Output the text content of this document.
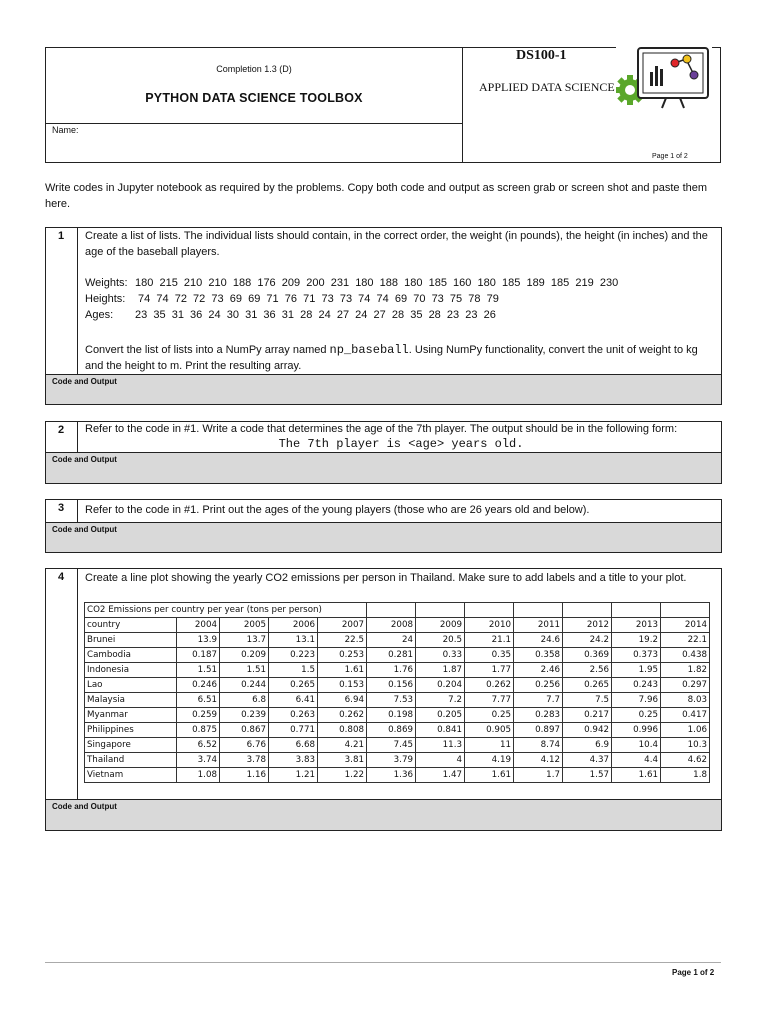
Completion 1.3 (D)
PYTHON DATA SCIENCE TOOLBOX
Name:
DS100-1
APPLIED DATA SCIENCE
Page 1 of 2
Write codes in Jupyter notebook as required by the problems. Copy both code and output as screen grab or screen shot and paste them here.
1	Create a list of lists. The individual lists should contain, in the correct order, the weight (in pounds), the height (in inches) and the age of the baseball players.
Weights: 180  215  210  210  188  176  209  200  231  180  188  180  185  160  180  185  189  185  219  230
Heights: 74  74  72  72  73  69  69  71  76  71  73  73  74  74  69  70  73  75  78  79
Ages: 23  35  31  36  24  30  31  36  31  28  24  27  24  27  28  35  28  23  23  26
Convert the list of lists into a NumPy array named np_baseball. Using NumPy functionality, convert the unit of weight to kg and the height to m. Print the resulting array.
Code and Output
2	Refer to the code in #1. Write a code that determines the age of the 7th player. The output should be in the following form:
The 7th player is <age> years old.
Code and Output
3	Refer to the code in #1. Print out the ages of the young players (those who are 26 years old and below).
Code and Output
4	Create a line plot showing the yearly CO2 emissions per person in Thailand. Make sure to add labels and a title to your plot.
CO2 Emissions per country per year (tons per person)											
country	2004	2005	2006	2007	2008	2009	2010	2011	2012	2013	2014
Brunei	13.9	13.7	13.1	22.5	24	20.5	21.1	24.6	24.2	19.2	22.1
Cambodia	0.187	0.209	0.223	0.253	0.281	0.33	0.35	0.358	0.369	0.373	0.438
Indonesia	1.51	1.51	1.5	1.61	1.76	1.87	1.77	2.46	2.56	1.95	1.82
Lao	0.246	0.244	0.265	0.153	0.156	0.204	0.262	0.256	0.265	0.243	0.297
Malaysia	6.51	6.8	6.41	6.94	7.53	7.2	7.77	7.7	7.5	7.96	8.03
Myanmar	0.259	0.239	0.263	0.262	0.198	0.205	0.25	0.283	0.217	0.25	0.417
Philippines	0.875	0.867	0.771	0.808	0.869	0.841	0.905	0.897	0.942	0.996	1.06
Singapore	6.52	6.76	6.68	4.21	7.45	11.3	11	8.74	6.9	10.4	10.3
Thailand	3.74	3.78	3.83	3.81	3.79	4	4.19	4.12	4.37	4.4	4.62
Vietnam	1.08	1.16	1.21	1.22	1.36	1.47	1.61	1.7	1.57	1.61	1.8
Code and Output
Page 1 of 2
